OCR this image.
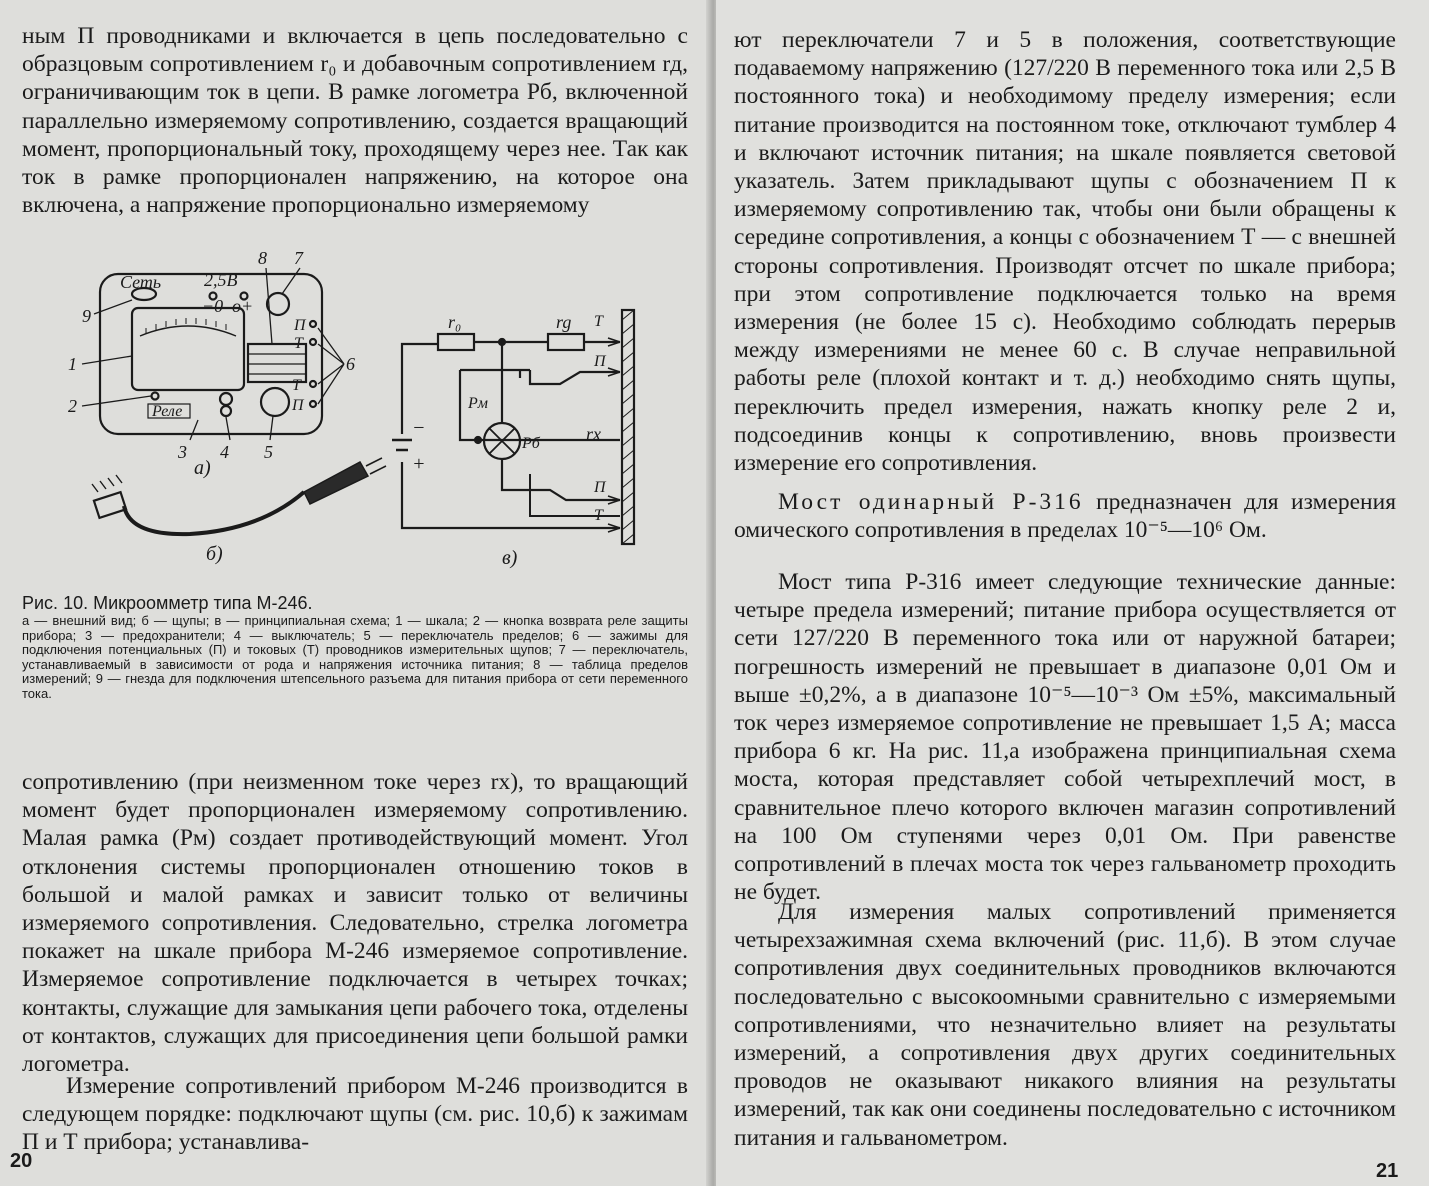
ным П проводниками и включается в цепь последовательно с образцовым сопротивлением r₀ и добавочным сопротивлением rд, ограничивающим ток в цепи. В рамке логометра Pб, включенной параллельно измеряемому сопротивлению, создается вращающий момент, пропорциональный току, проходящему через нее. Так как ток в рамке пропорционален напряжению, на которое она включена, а напряжение пропорционально измеряемому

Сеть 2,5В
−0 о+
П
Т
Т
П
Реле
9
1
2
3 4 5
6
7
8
а)
б)
r₀	rg Т
П
Pм
Pб	rx
П
Т
−
+
в)

Рис. 10. Микроомметр типа М-246.

а — внешний вид; б — щупы; в — принципиальная схема; 1 — шкала; 2 — кнопка возврата реле защиты прибора; 3 — предохранители; 4 — выключатель; 5 — переключатель пределов; 6 — зажимы для подключения потенциальных (П) и токовых (Т) проводников измерительных щупов; 7 — переключатель, устанавливаемый в зависимости от рода и напряжения источника питания; 8 — таблица пределов измерений; 9 — гнезда для подключения штепсельного разъема для питания прибора от сети переменного тока.

сопротивлению (при неизменном токе через rx), то вращающий момент будет пропорционален измеряемому сопротивлению. Малая рамка (Pм) создает противодействующий момент. Угол отклонения системы пропорционален отношению токов в большой и малой рамках и зависит только от величины измеряемого сопротивления. Следовательно, стрелка логометра покажет на шкале прибора М-246 измеряемое сопротивление. Измеряемое сопротивление подключается в четырех точках; контакты, служащие для замыкания цепи рабочего тока, отделены от контактов, служащих для присоединения цепи большой рамки логометра.

Измерение сопротивлений прибором М-246 производится в следующем порядке: подключают щупы (см. рис. 10,б) к зажимам П и Т прибора; устанавлива-

20

ют переключатели 7 и 5 в положения, соответствующие подаваемому напряжению (127/220 В переменного тока или 2,5 В постоянного тока) и необходимому пределу измерения; если питание производится на постоянном токе, отключают тумблер 4 и включают источник питания; на шкале появляется световой указатель. Затем прикладывают щупы с обозначением П к измеряемому сопротивлению так, чтобы они были обращены к середине сопротивления, а концы с обозначением Т — с внешней стороны сопротивления. Производят отсчет по шкале прибора; при этом сопротивление подключается только на время измерения (не более 15 с). Необходимо соблюдать перерыв между измерениями не менее 60 с. В случае неправильной работы реле (плохой контакт и т. д.) необходимо снять щупы, переключить предел измерения, нажать кнопку реле 2 и, подсоединив концы к сопротивлению, вновь произвести измерение его сопротивления.

Мост одинарный Р-316 предназначен для измерения омического сопротивления в пределах 10⁻⁵—10⁶ Ом.

Мост типа Р-316 имеет следующие технические данные: четыре предела измерений; питание прибора осуществляется от сети 127/220 В переменного тока или от наружной батареи; погрешность измерений не превышает в диапазоне 0,01 Ом и выше ±0,2%, а в диапазоне 10⁻⁵—10⁻³ Ом ±5%, максимальный ток через измеряемое сопротивление не превышает 1,5 А; масса прибора 6 кг. На рис. 11,а изображена принципиальная схема моста, которая представляет собой четырехплечий мост, в сравнительное плечо которого включен магазин сопротивлений на 100 Ом ступенями через 0,01 Ом. При равенстве сопротивлений в плечах моста ток через гальванометр проходить не будет.

Для измерения малых сопротивлений применяется четырехзажимная схема включений (рис. 11,б). В этом случае сопротивления двух соединительных проводников включаются последовательно с высокоомными сравнительно с измеряемыми сопротивлениями, что незначительно влияет на результаты измерений, а сопротивления двух других соединительных проводов не оказывают никакого влияния на результаты измерений, так как они соединены последовательно с источником питания и гальванометром.

21
